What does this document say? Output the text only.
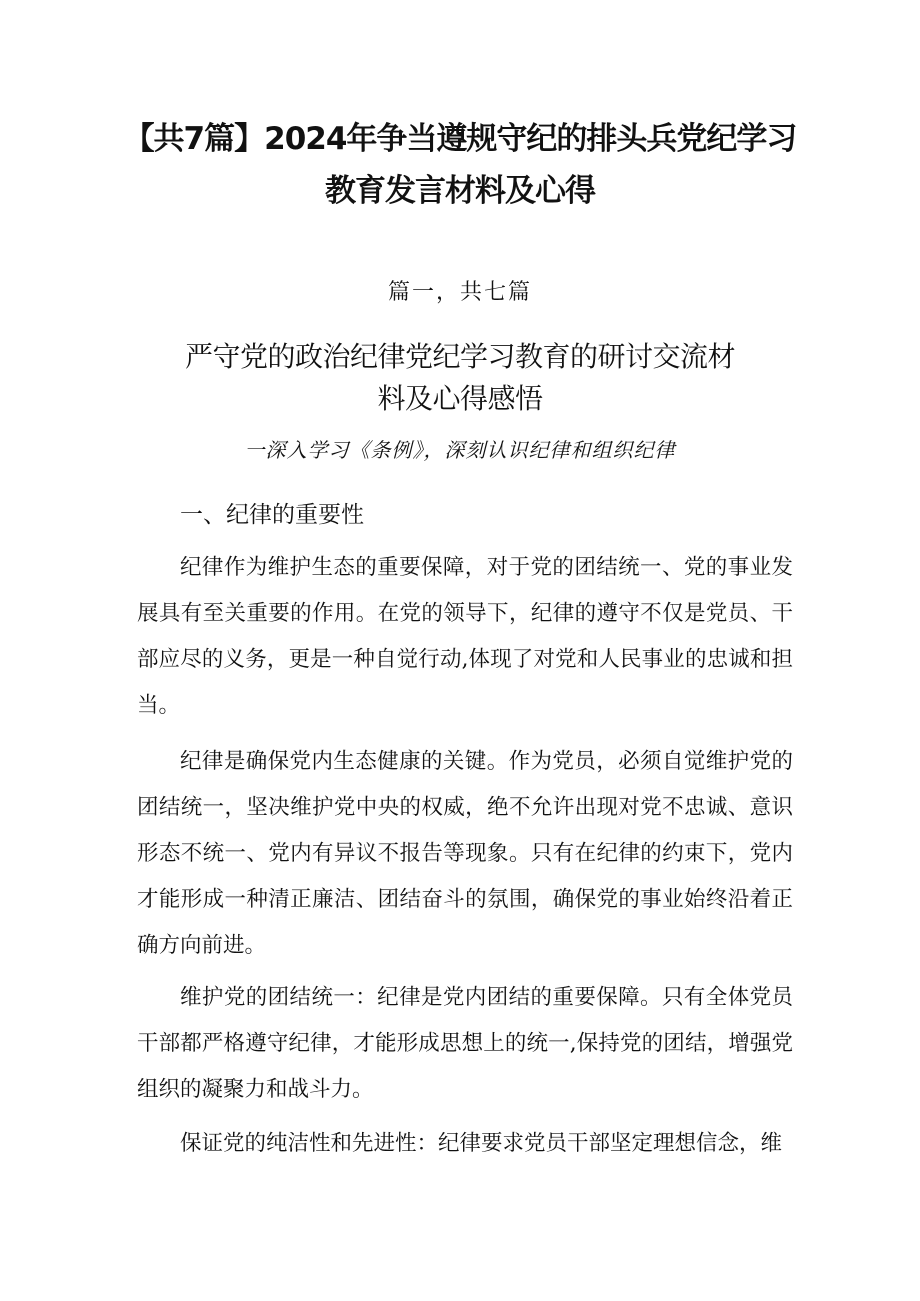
【共7篇】2024年争当遵规守纪的排头兵党纪学习
教育发言材料及心得
篇一，共七篇
严守党的政治纪律党纪学习教育的研讨交流材
料及心得感悟
一深入学习《条例》，深刻认识纪律和组织纪律
一、纪律的重要性

纪律作为维护生态的重要保障，对于党的团结统一、党的事业发展具有至关重要的作用。在党的领导下，纪律的遵守不仅是党员、干部应尽的义务，更是一种自觉行动,体现了对党和人民事业的忠诚和担当。

纪律是确保党内生态健康的关键。作为党员，必须自觉维护党的团结统一，坚决维护党中央的权威，绝不允许出现对党不忠诚、意识形态不统一、党内有异议不报告等现象。只有在纪律的约束下，党内才能形成一种清正廉洁、团结奋斗的氛围，确保党的事业始终沿着正确方向前进。

维护党的团结统一：纪律是党内团结的重要保障。只有全体党员干部都严格遵守纪律，才能形成思想上的统一,保持党的团结，增强党组织的凝聚力和战斗力。

保证党的纯洁性和先进性：纪律要求党员干部坚定理想信念，维
